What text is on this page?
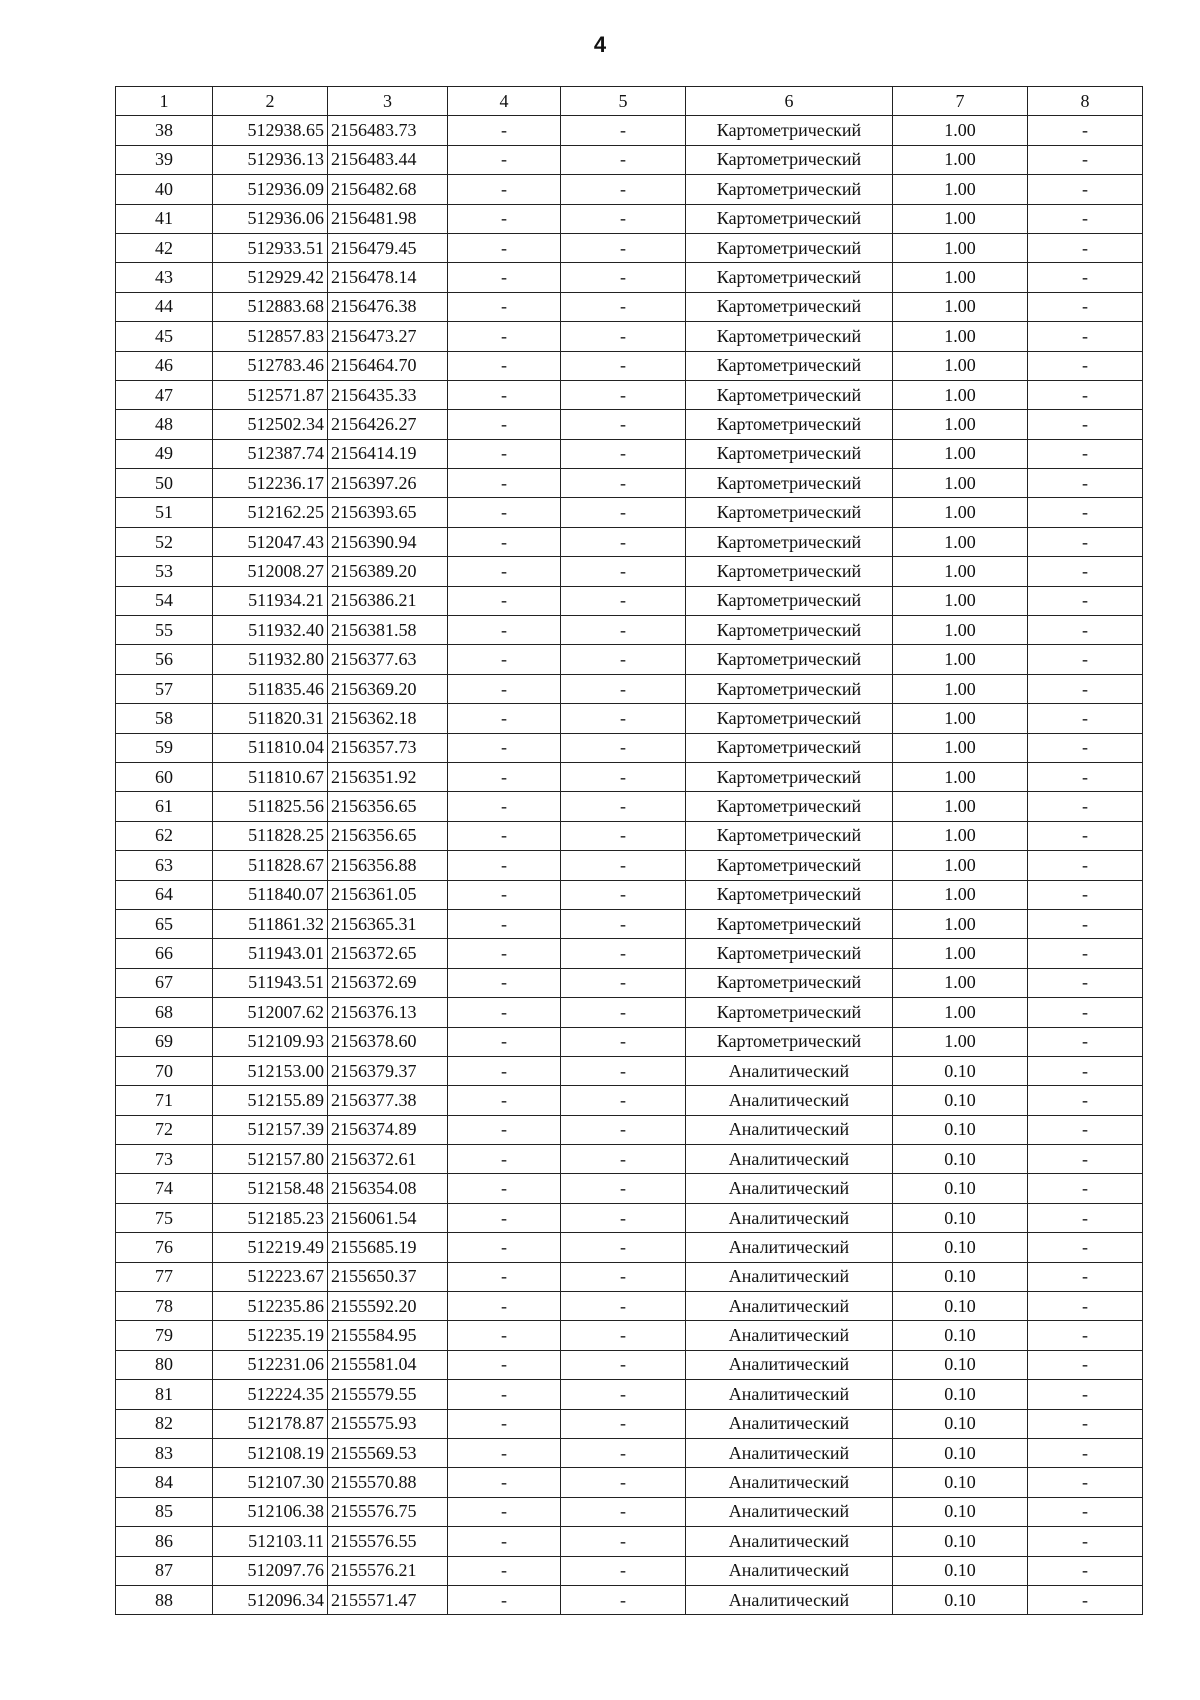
4
1	2	3	4	5	6	7	8
38	512938.65	2156483.73	-	-	Картометрический	1.00	-
39	512936.13	2156483.44	-	-	Картометрический	1.00	-
40	512936.09	2156482.68	-	-	Картометрический	1.00	-
41	512936.06	2156481.98	-	-	Картометрический	1.00	-
42	512933.51	2156479.45	-	-	Картометрический	1.00	-
43	512929.42	2156478.14	-	-	Картометрический	1.00	-
44	512883.68	2156476.38	-	-	Картометрический	1.00	-
45	512857.83	2156473.27	-	-	Картометрический	1.00	-
46	512783.46	2156464.70	-	-	Картометрический	1.00	-
47	512571.87	2156435.33	-	-	Картометрический	1.00	-
48	512502.34	2156426.27	-	-	Картометрический	1.00	-
49	512387.74	2156414.19	-	-	Картометрический	1.00	-
50	512236.17	2156397.26	-	-	Картометрический	1.00	-
51	512162.25	2156393.65	-	-	Картометрический	1.00	-
52	512047.43	2156390.94	-	-	Картометрический	1.00	-
53	512008.27	2156389.20	-	-	Картометрический	1.00	-
54	511934.21	2156386.21	-	-	Картометрический	1.00	-
55	511932.40	2156381.58	-	-	Картометрический	1.00	-
56	511932.80	2156377.63	-	-	Картометрический	1.00	-
57	511835.46	2156369.20	-	-	Картометрический	1.00	-
58	511820.31	2156362.18	-	-	Картометрический	1.00	-
59	511810.04	2156357.73	-	-	Картометрический	1.00	-
60	511810.67	2156351.92	-	-	Картометрический	1.00	-
61	511825.56	2156356.65	-	-	Картометрический	1.00	-
62	511828.25	2156356.65	-	-	Картометрический	1.00	-
63	511828.67	2156356.88	-	-	Картометрический	1.00	-
64	511840.07	2156361.05	-	-	Картометрический	1.00	-
65	511861.32	2156365.31	-	-	Картометрический	1.00	-
66	511943.01	2156372.65	-	-	Картометрический	1.00	-
67	511943.51	2156372.69	-	-	Картометрический	1.00	-
68	512007.62	2156376.13	-	-	Картометрический	1.00	-
69	512109.93	2156378.60	-	-	Картометрический	1.00	-
70	512153.00	2156379.37	-	-	Аналитический	0.10	-
71	512155.89	2156377.38	-	-	Аналитический	0.10	-
72	512157.39	2156374.89	-	-	Аналитический	0.10	-
73	512157.80	2156372.61	-	-	Аналитический	0.10	-
74	512158.48	2156354.08	-	-	Аналитический	0.10	-
75	512185.23	2156061.54	-	-	Аналитический	0.10	-
76	512219.49	2155685.19	-	-	Аналитический	0.10	-
77	512223.67	2155650.37	-	-	Аналитический	0.10	-
78	512235.86	2155592.20	-	-	Аналитический	0.10	-
79	512235.19	2155584.95	-	-	Аналитический	0.10	-
80	512231.06	2155581.04	-	-	Аналитический	0.10	-
81	512224.35	2155579.55	-	-	Аналитический	0.10	-
82	512178.87	2155575.93	-	-	Аналитический	0.10	-
83	512108.19	2155569.53	-	-	Аналитический	0.10	-
84	512107.30	2155570.88	-	-	Аналитический	0.10	-
85	512106.38	2155576.75	-	-	Аналитический	0.10	-
86	512103.11	2155576.55	-	-	Аналитический	0.10	-
87	512097.76	2155576.21	-	-	Аналитический	0.10	-
88	512096.34	2155571.47	-	-	Аналитический	0.10	-
